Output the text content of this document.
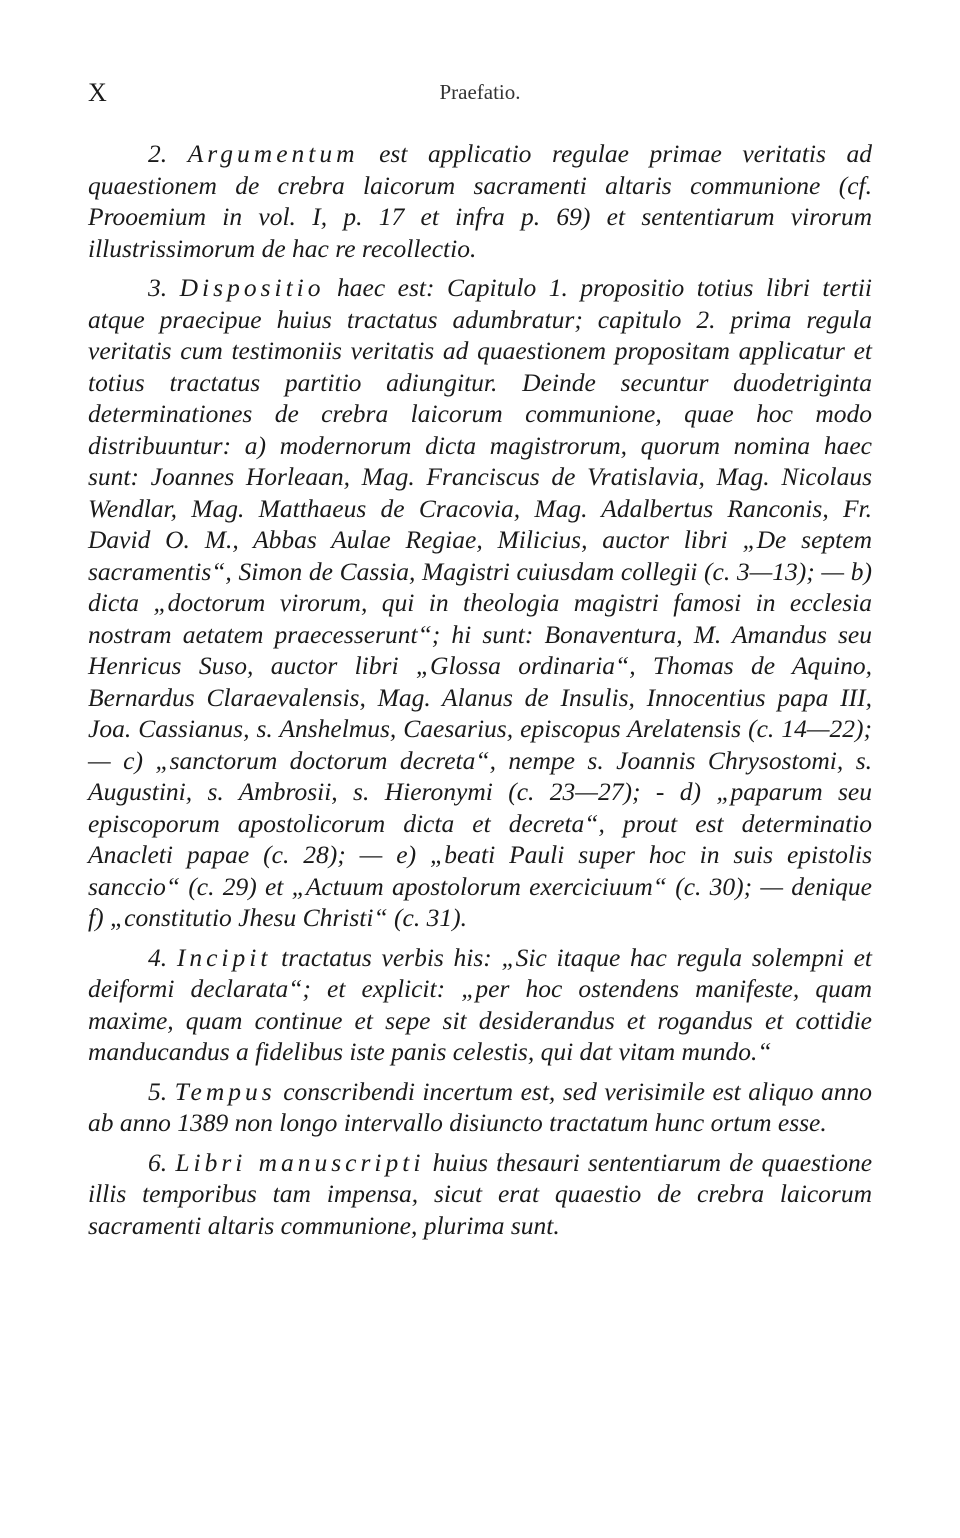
X	Praefatio.

2. Argumentum est applicatio regulae primae veritatis ad quaestionem de crebra laicorum sacramenti altaris communione (cf. Prooemium in vol. I, p. 17 et infra p. 69) et sententiarum virorum illustrissimorum de hac re recollectio.

3. Dispositio haec est: Capitulo 1. propositio totius libri tertii atque praecipue huius tractatus adumbratur; capitulo 2. prima regula veritatis cum testimoniis veritatis ad quaestionem propositam applicatur et totius tractatus partitio adiungitur. Deinde secuntur duodetriginta determinationes de crebra laicorum communione, quae hoc modo distribuuntur: a) modernorum dicta magistrorum, quorum nomina haec sunt: Joannes Horleaan, Mag. Franciscus de Vratislavia, Mag. Nicolaus Wendlar, Mag. Matthaeus de Cracovia, Mag. Adalbertus Ranconis, Fr. David O. M., Abbas Aulae Regiae, Milicius, auctor libri „De septem sacramentis“, Simon de Cassia, Magistri cuiusdam collegii (c. 3—13); — b) dicta „doctorum virorum, qui in theologia magistri famosi in ecclesia nostram aetatem praecesserunt“; hi sunt: Bonaventura, M. Amandus seu Henricus Suso, auctor libri „Glossa ordinaria“, Thomas de Aquino, Bernardus Claraevalensis, Mag. Alanus de Insulis, Innocentius papa III, Joa. Cassianus, s. Anshelmus, Caesarius, episcopus Arelatensis (c. 14—22); — c) „sanctorum doctorum decreta“, nempe s. Joannis Chrysostomi, s. Augustini, s. Ambrosii, s. Hieronymi (c. 23—27); - d) „paparum seu episcoporum apostolicorum dicta et decreta“, prout est determinatio Anacleti papae (c. 28); — e) „beati Pauli super hoc in suis epistolis sanccio“ (c. 29) et „Actuum apostolorum exerciciuum“ (c. 30); — denique f) „constitutio Jhesu Christi“ (c. 31).

4. Incipit tractatus verbis his: „Sic itaque hac regula solempni et deiformi declarata“; et explicit: „per hoc ostendens manifeste, quam maxime, quam continue et sepe sit desiderandus et rogandus et cottidie manducandus a fidelibus iste panis celestis, qui dat vitam mundo.“

5. Tempus conscribendi incertum est, sed verisimile est aliquo anno ab anno 1389 non longo intervallo disiuncto tractatum hunc ortum esse.

6. Libri manuscripti huius thesauri sententiarum de quaestione illis temporibus tam impensa, sicut erat quaestio de crebra laicorum sacramenti altaris communione, plurima sunt.
